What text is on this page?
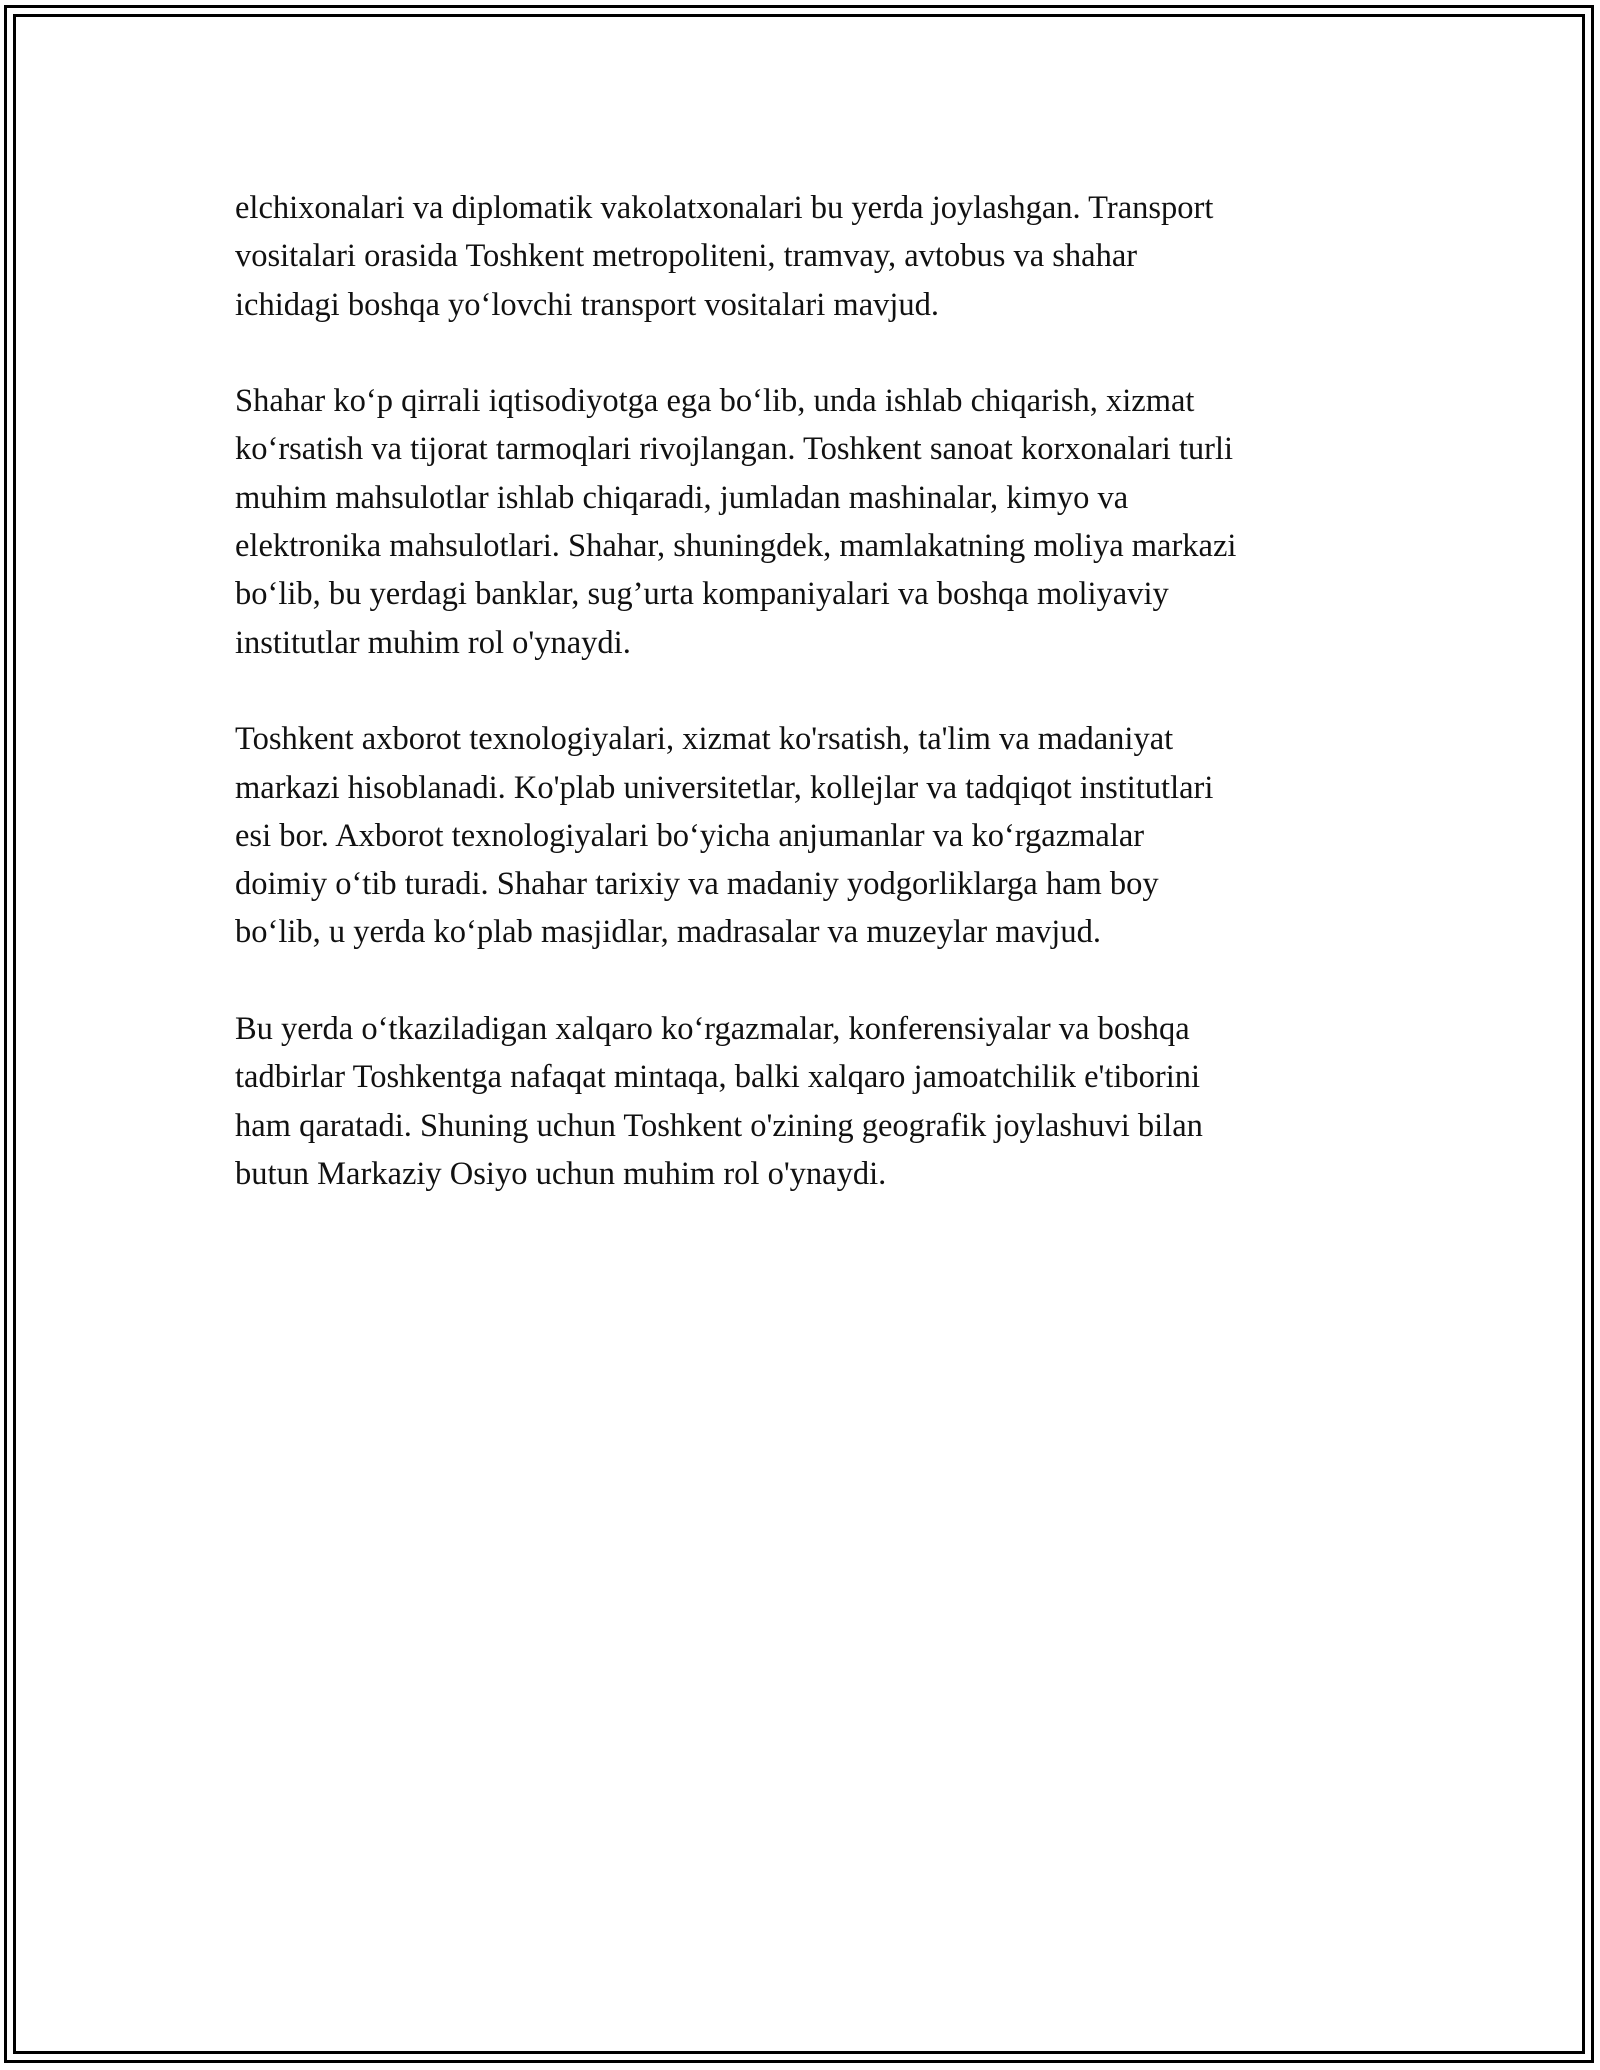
elchixonalari va diplomatik vakolatxonalari bu yerda joylashgan. Transport
vositalari orasida Toshkent metropoliteni, tramvay, avtobus va shahar
ichidagi boshqa yo‘lovchi transport vositalari mavjud.

Shahar ko‘p qirrali iqtisodiyotga ega bo‘lib, unda ishlab chiqarish, xizmat
ko‘rsatish va tijorat tarmoqlari rivojlangan. Toshkent sanoat korxonalari turli
muhim mahsulotlar ishlab chiqaradi, jumladan mashinalar, kimyo va
elektronika mahsulotlari. Shahar, shuningdek, mamlakatning moliya markazi
bo‘lib, bu yerdagi banklar, sug’urta kompaniyalari va boshqa moliyaviy
institutlar muhim rol o'ynaydi.

Toshkent axborot texnologiyalari, xizmat ko'rsatish, ta'lim va madaniyat
markazi hisoblanadi. Ko'plab universitetlar, kollejlar va tadqiqot institutlari
esi bor. Axborot texnologiyalari bo‘yicha anjumanlar va ko‘rgazmalar
doimiy o‘tib turadi. Shahar tarixiy va madaniy yodgorliklarga ham boy
bo‘lib, u yerda ko‘plab masjidlar, madrasalar va muzeylar mavjud.

Bu yerda o‘tkaziladigan xalqaro ko‘rgazmalar, konferensiyalar va boshqa
tadbirlar Toshkentga nafaqat mintaqa, balki xalqaro jamoatchilik e'tiborini
ham qaratadi. Shuning uchun Toshkent o'zining geografik joylashuvi bilan
butun Markaziy Osiyo uchun muhim rol o'ynaydi.
